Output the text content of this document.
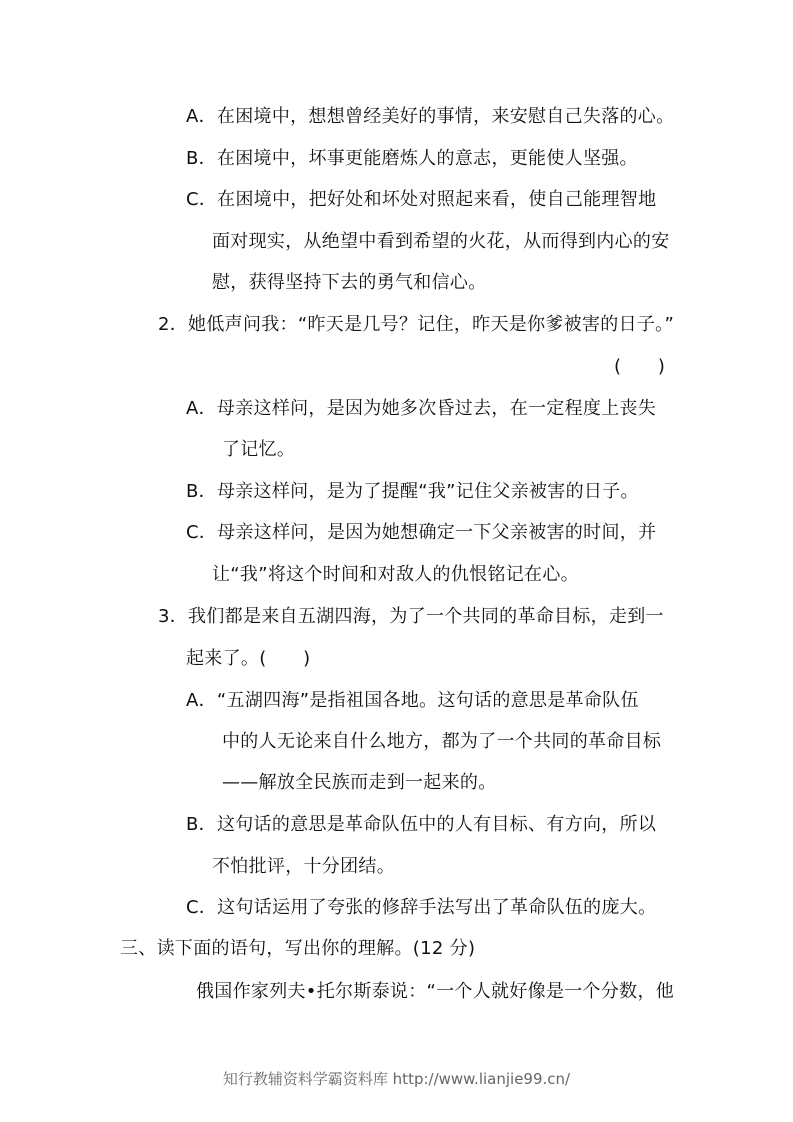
A．在困境中，想想曾经美好的事情，来安慰自己失落的心。
B．在困境中，坏事更能磨炼人的意志，更能使人坚强。
C．在困境中，把好处和坏处对照起来看，使自己能理智地
面对现实，从绝望中看到希望的火花，从而得到内心的安
慰，获得坚持下去的勇气和信心。
2．她低声问我：“昨天是几号？记住，昨天是你爹被害的日子。”
(　　)
A．母亲这样问，是因为她多次昏过去，在一定程度上丧失
了记忆。
B．母亲这样问，是为了提醒“我”记住父亲被害的日子。
C．母亲这样问，是因为她想确定一下父亲被害的时间，并
让“我”将这个时间和对敌人的仇恨铭记在心。
3．我们都是来自五湖四海，为了一个共同的革命目标，走到一
起来了。(　　)
A．“五湖四海”是指祖国各地。这句话的意思是革命队伍
中的人无论来自什么地方，都为了一个共同的革命目标
——解放全民族而走到一起来的。
B．这句话的意思是革命队伍中的人有目标、有方向，所以
不怕批评，十分团结。
C．这句话运用了夸张的修辞手法写出了革命队伍的庞大。
三、读下面的语句，写出你的理解。(12 分)
俄国作家列夫•托尔斯泰说：“一个人就好像是一个分数，他
知行教辅资料学霸资料库 http://www.lianjie99.cn/
